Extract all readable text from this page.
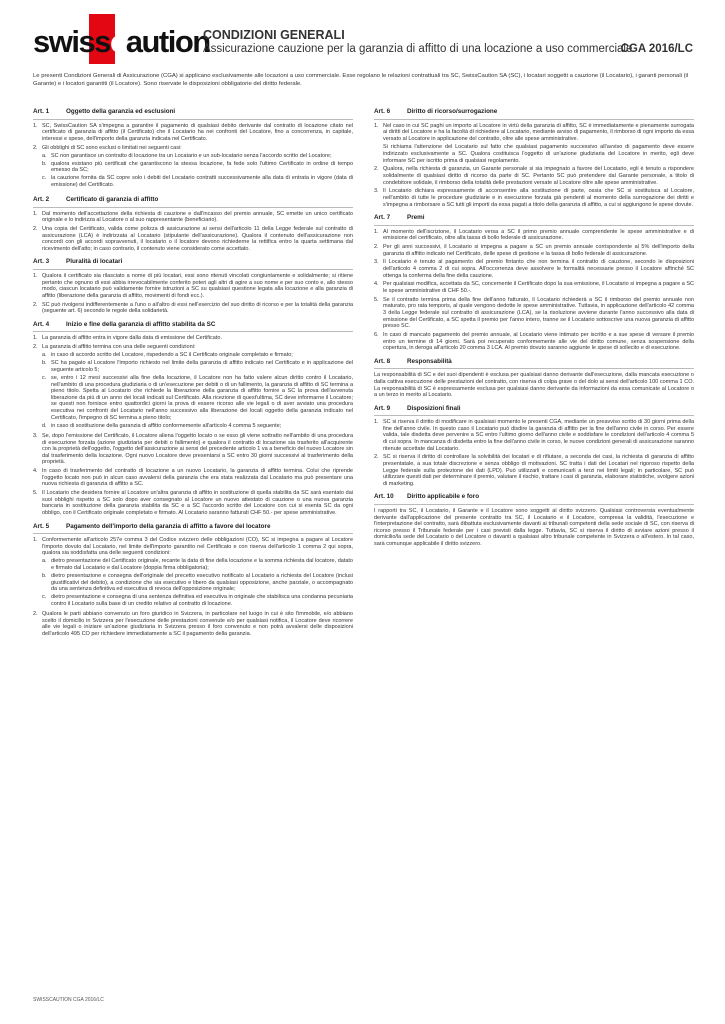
swisscaution
CONDIZIONI GENERALI
Assicurazione cauzione per la garanzia di affitto di una locazione a uso commerciale
CGA 2016/LC
Le presenti Condizioni Generali di Assicurazione (CGA) si applicano esclusivamente alle locazioni a uso commerciale. Esse regolano le relazioni contrattuali tra SC, SwissCaution SA (SC), i locatari soggetti a cauzione (il Locatario), i garanti personali (il Garante) e i locatori garantiti (il Locatore). Sono riservate le disposizioni obbligatorie del diritto federale.
Art. 1	Oggetto della garanzia ed esclusioni
1. SC, SwissCaution SA s'impegna a garantire il pagamento di qualsiasi debito derivante dal contratto di locazione citato nel certificato di garanzia di affitto (il Certificato) che il Locatario ha nei confronti del Locatore, fino a concorrenza, in capitale, interessi e spese, dell'importo della garanzia indicata nel Certificato.
2. Gli obblighi di SC sono esclusi o limitati nei seguenti casi:
a. SC non garantisce un contratto di locazione tra un Locatario e un sub-locatario senza l'accordo scritto del Locatore;
b. qualora esistano più certificati che garantiscono la stessa locazione, fa fede solo l'ultimo Certificato in ordine di tempo emesso da SC;
c. la cauzione fornita da SC copre solo i debiti del Locatario contratti successivamente alla data di entrata in vigore (data di emissione) del Certificato.
Art. 2	Certificato di garanzia di affitto
1. Dal momento dell'accettazione della richiesta di cauzione e dall'incasso del premio annuale, SC emette un unico certificato originale e lo indirizza al Locatore o al suo rappresentante (beneficiario).
2. Una copia del Certificato, valida come polizza di assicurazione ai sensi dell'articolo 11 della Legge federale sul contratto di assicurazione (LCA) è indirizzata al Locatario (stipulante dell'assicurazione). Qualora il contenuto dell'assicurazione non concordi con gli accordi sopravvenuti, il locatario o il locatore devono richiederne la rettifica entro la quarta settimana dal ricevimento dell'atto; in caso contrario, il contenuto viene considerato come accettato.
Art. 3	Pluralità di locatari
1. Qualora il certificato sia rilasciato a nome di più locatari, essi sono ritenuti vincolati congiuntamente e solidalmente; si ritiene pertanto che ognuno di essi abbia irrevocabilmente conferito poteri agli altri di agire a suo nome e per suo conto e, allo stesso modo, ciascun locatario può validamente fornire istruzioni a SC su qualsiasi questione legata alla locazione e alla garanzia di affitto (liberazione della garanzia di affitto, movimenti di fondi ecc.).
2. SC può rivolgersi indifferentemente a l'uno o all'altro di essi nell'esercizio del suo diritto di ricorso e per la totalità della garanzia (seguente art. 6) secondo le regole della solidarietà.
Art. 4	Inizio e fine della garanzia di affitto stabilita da SC
1. La garanzia di affitto entra in vigore dalla data di emissione del Certificato.
2. La garanzia di affitto termina con una delle seguenti condizioni:
a. in caso di accordo scritto del Locatore, rispedendo a SC il Certificato originale completato e firmato;
b. SC ha pagato al Locatore l'importo richiesto nel limite della garanzia di affitto indicato nel Certificato e in applicazione del seguente articolo 5;
c. se, entro i 12 mesi successivi alla fine della locazione, il Locatore non ha fatto valere alcun diritto contro il Locatario, nell'ambito di una procedura giudiziaria o di un'esecuzione per debiti o di un fallimento, la garanzia di affitto di SC termina a pieno titolo. Spetta al Locatario che richiede la liberazione della garanzia di affitto fornire a SC la prova dell'avvenuta liberazione da più di un anno dei locali indicati sul Certificato. Alla ricezione di quest'ultima, SC deve informarne il Locatore; se questi non fornisce entro quattordici giorni la prova di essere ricorso alle vie legali o di aver avviato una procedura esecutiva nei confronti del Locatario nell'anno successivo alla liberazione dei locali oggetto della garanzia indicato nel Certificato, l'impegno di SC termina a pieno titolo;
d. in caso di sostituzione della garanzia di affitto conformemente all'articolo 4 comma 5 seguente;
3. Se, dopo l'emissione del Certificato, il Locatore aliena l'oggetto locato o se esso gli viene sottratto nell'ambito di una procedura di esecuzione forzata (azione giudiziaria per debiti o fallimento) e qualora il contratto di locazione sia trasferito all'acquirente con la proprietà dell'oggetto, l'oggetto dell'assicurazione ai sensi del precedente articolo 1 va a beneficio del nuovo Locatore sin dal trasferimento della locazione. Ogni nuovo Locatore deve presentarsi a SC entro 30 giorni successivi al trasferimento della proprietà.
4. In caso di trasferimento del contratto di locazione a un nuovo Locatario, la garanzia di affitto termina. Colui che riprende l'oggetto locato non può in alcun caso avvalersi della garanzia che era stata realizzata dal Locatario ma può presentare una nuova richiesta di garanzia di affitto a SC.
5. Il Locatario che desidera fornire al Locatore un'altra garanzia di affitto in sostituzione di quella stabilita da SC sarà esentato dai suoi obblighi rispetto a SC solo dopo aver consegnato al Locatore un nuovo attestato di cauzione o una nuova garanzia bancaria in sostituzione della garanzia stabilita da SC e a SC l'accordo scritto del Locatore con cui si esenta SC da ogni obbligo, con il Certificato originale completato e firmato. Al Locatario saranno fatturati CHF 50.- per spese amministrative.
Art. 5	Pagamento dell'importo della garanzia di affitto a favore del locatore
1. Conformemente all'articolo 257e comma 3 del Codice svizzero delle obbligazioni (CO), SC si impegna a pagare al Locatore l'importo dovuto dal Locatario, nel limite dell'importo garantito nel Certificato e con riserva dell'articolo 1 comma 2 qui sopra, qualora sia soddisfatta una delle seguenti condizioni:
a. dietro presentazione del Certificato originale, recante la data di fine della locazione e la somma richiesta dal locatore, datato e firmato dal Locatario e dal Locatore (doppia firma obbligatoria);
b. dietro presentazione e consegna dell'originale del precetto esecutivo notificato al Locatario a richiesta del Locatore (inclusi giustificativi del debito), a condizione che sia esecutivo e libero da qualsiasi opposizione, anche parziale, o accompagnato da una sentenza definitiva ed esecutiva di revoca dell'opposizione originale;
c. dietro presentazione e consegna di una sentenza definitiva ed esecutiva in originale che stabilisca una condanna pecuniaria contro il Locatario sulla base di un credito relativo al contratto di locazione.
2. Qualora le parti abbiano convenuto un foro giuridico in Svizzera, in particolare nel luogo in cui è sito l'immobile, e/o abbiano scelto il domicilio in Svizzera per l'esecuzione delle prestazioni convenute e/o per qualsiasi notifica, il Locatore deve ricorrere alle vie legali o iniziare un'azione giudiziaria in Svizzera presso il foro convenuto e non potrà avvalersi delle disposizioni dell'articolo 495 CO per richiedere immediatamente a SC il pagamento della garanzia.
Art. 6	Diritto di ricorso/surrogazione
1. Nel caso in cui SC paghi un importo al Locatore in virtù della garanzia di affitto, SC è immediatamente e pienamente surrogata ai diritti del Locatore e ha la facoltà di richiedere al Locatario, mediante avviso di pagamento, il rimborso di ogni importo da essa versato al Locatore in applicazione del contratto, oltre alle spese amministrative.
Si richiama l'attenzione del Locatario sul fatto che qualsiasi pagamento successivo all'avviso di pagamento deve essere indirizzato esclusivamente a SC. Qualora costituisca l'oggetto di un'azione giudiziaria del Locatore in merito, egli deve informare SC per iscritto prima di qualsiasi regolamento.
2. Qualora, nella richiesta di garanzia, un Garante personale si sia impegnato a favore del Locatario, egli è tenuto a rispondere solidalmente di qualsiasi diritto di ricorso da parte di SC. Pertanto SC può pretendere dal Garante personale, a titolo di condebitore solidale, il rimborso della totalità delle prestazioni versate al Locatore oltre alle spese amministrative.
3. Il Locatario dichiara espressamente di acconsentire alla sostituzione di parte, ossia che SC si sostituisca al Locatore, nell'ambito di tutte le procedure giudiziarie e in esecuzione forzata già pendenti al momento della surrogazione dei diritti e s'impegna a rimborsare a SC tutti gli importi da essa pagati a titolo della garanzia di affitto, a cui si aggiungono le spese dovute.
Art. 7	Premi
1. Al momento dell'iscrizione, il Locatario versa a SC il primo premio annuale comprendente le spese amministrative e di emissione del certificato, oltre alla tassa di bollo federale di assicurazione.
2. Per gli anni successivi, il Locatario si impegna a pagare a SC un premio annuale corrispondente al 5% dell'importo della garanzia di affitto indicato nel Certificato, delle spese di gestione e la tassa di bollo federale di assicurazione.
3. Il Locatario è tenuto al pagamento del premio fintanto che non termina il contratto di cauzione, secondo le disposizioni dell'articolo 4 comma 2 di cui sopra. All'occorrenza deve assolvere le formalità necessarie presso il Locatore affinché SC ottenga la conferma della fine della cauzione.
4. Per qualsiasi modifica, accettata da SC, concernente il Certificato dopo la sua emissione, il Locatario si impegna a pagare a SC le spese amministrative di CHF 50.-.
5. Se il contratto termina prima della fine dell'anno fatturato, il Locatario richiederà a SC il rimborso del premio annuale non maturato, pro rata temporis, al quale vengono dedotte le spese amministrative. Tuttavia, in applicazione dell'articolo 42 comma 3 della Legge federale sul contratto di assicurazione (LCA), se la risoluzione avviene durante l'anno successivo alla data di emissione del Certificato, a SC spetta il premio per l'anno intero, tranne se il Locatario sottoscrive una nuova garanzia di affitto presso SC.
6. In caso di mancato pagamento del premio annuale, al Locatario viene intimato per iscritto e a sue spese di versare il premio entro un termine di 14 giorni. Sarà poi recuperato conformemente alle vie del diritto comune, senza sospensione della copertura, in deroga all'articolo 20 comma 3 LCA. Al premio dovuto saranno aggiunte le spese di sollecito e di esecuzione.
Art. 8	Responsabilità
La responsabilità di SC e dei suoi dipendenti è esclusa per qualsiasi danno derivante dall'esecuzione, dalla mancata esecuzione o dalla cattiva esecuzione delle prestazioni del contratto, con riserva di colpa grave o del dolo ai sensi dell'articolo 100 comma 1 CO. La responsabilità di SC è espressamente esclusa per qualsiasi danno derivante da informazioni da essa comunicate al Locatore o a un terzo in merito al Locatario.
Art. 9	Disposizioni finali
1. SC si riserva il diritto di modificare in qualsiasi momento le presenti CGA, mediante un preavviso scritto di 30 giorni prima della fine dell'anno civile. In questo caso il Locatario può disdire la garanzia di affitto per la fine dell'anno civile in corso. Per essere valida, tale disdetta deve pervenire a SC entro l'ultimo giorno dell'anno civile e soddisfare le condizioni dell'articolo 4 comma 5 di cui sopra. In mancanza di disdetta entro la fine dell'anno civile in corso, le nuove condizioni generali di assicurazione saranno ritenute accettate dal Locatario.
2. SC si riserva il diritto di controllare la solvibilità dei locatari e di rifiutare, a seconda dei casi, la richiesta di garanzia di affitto presentatale, a sua totale discrezione e senza obbligo di motivazioni. SC tratta i dati dei Locatari nel rigoroso rispetto della Legge federale sulla protezione dei dati (LPD). Può utilizzarli e comunicarli a terzi nei limiti legali; in particolare, SC può utilizzare questi dati per determinare il premio, valutare il rischio, trattare i casi di garanzia, elaborare statistiche, svolgere azioni di marketing.
Art. 10	Diritto applicabile e foro
I rapporti tra SC, il Locatario, il Garante e il Locatore sono soggetti al diritto svizzero. Qualsiasi controversia eventualmente derivante dall'applicazione del presente contratto tra SC, il Locatario e il Locatore, compresa la validità, l'esecuzione e l'interpretazione del contratto, sarà dibattuta esclusivamente davanti ai tribunali competenti della sede sociale di SC, con riserva di ricorso presso il Tribunale federale per i casi previsti dalla legge. Tuttavia, SC si riserva il diritto di avviare azioni presso il domicilio/la sede del Locatario o del Locatore o davanti a qualsiasi altro tribunale competente in Svizzera o all'estero. In tal caso, sarà comunque applicabile il diritto svizzero.
SWISSCAUTION CGA 2016/LC
